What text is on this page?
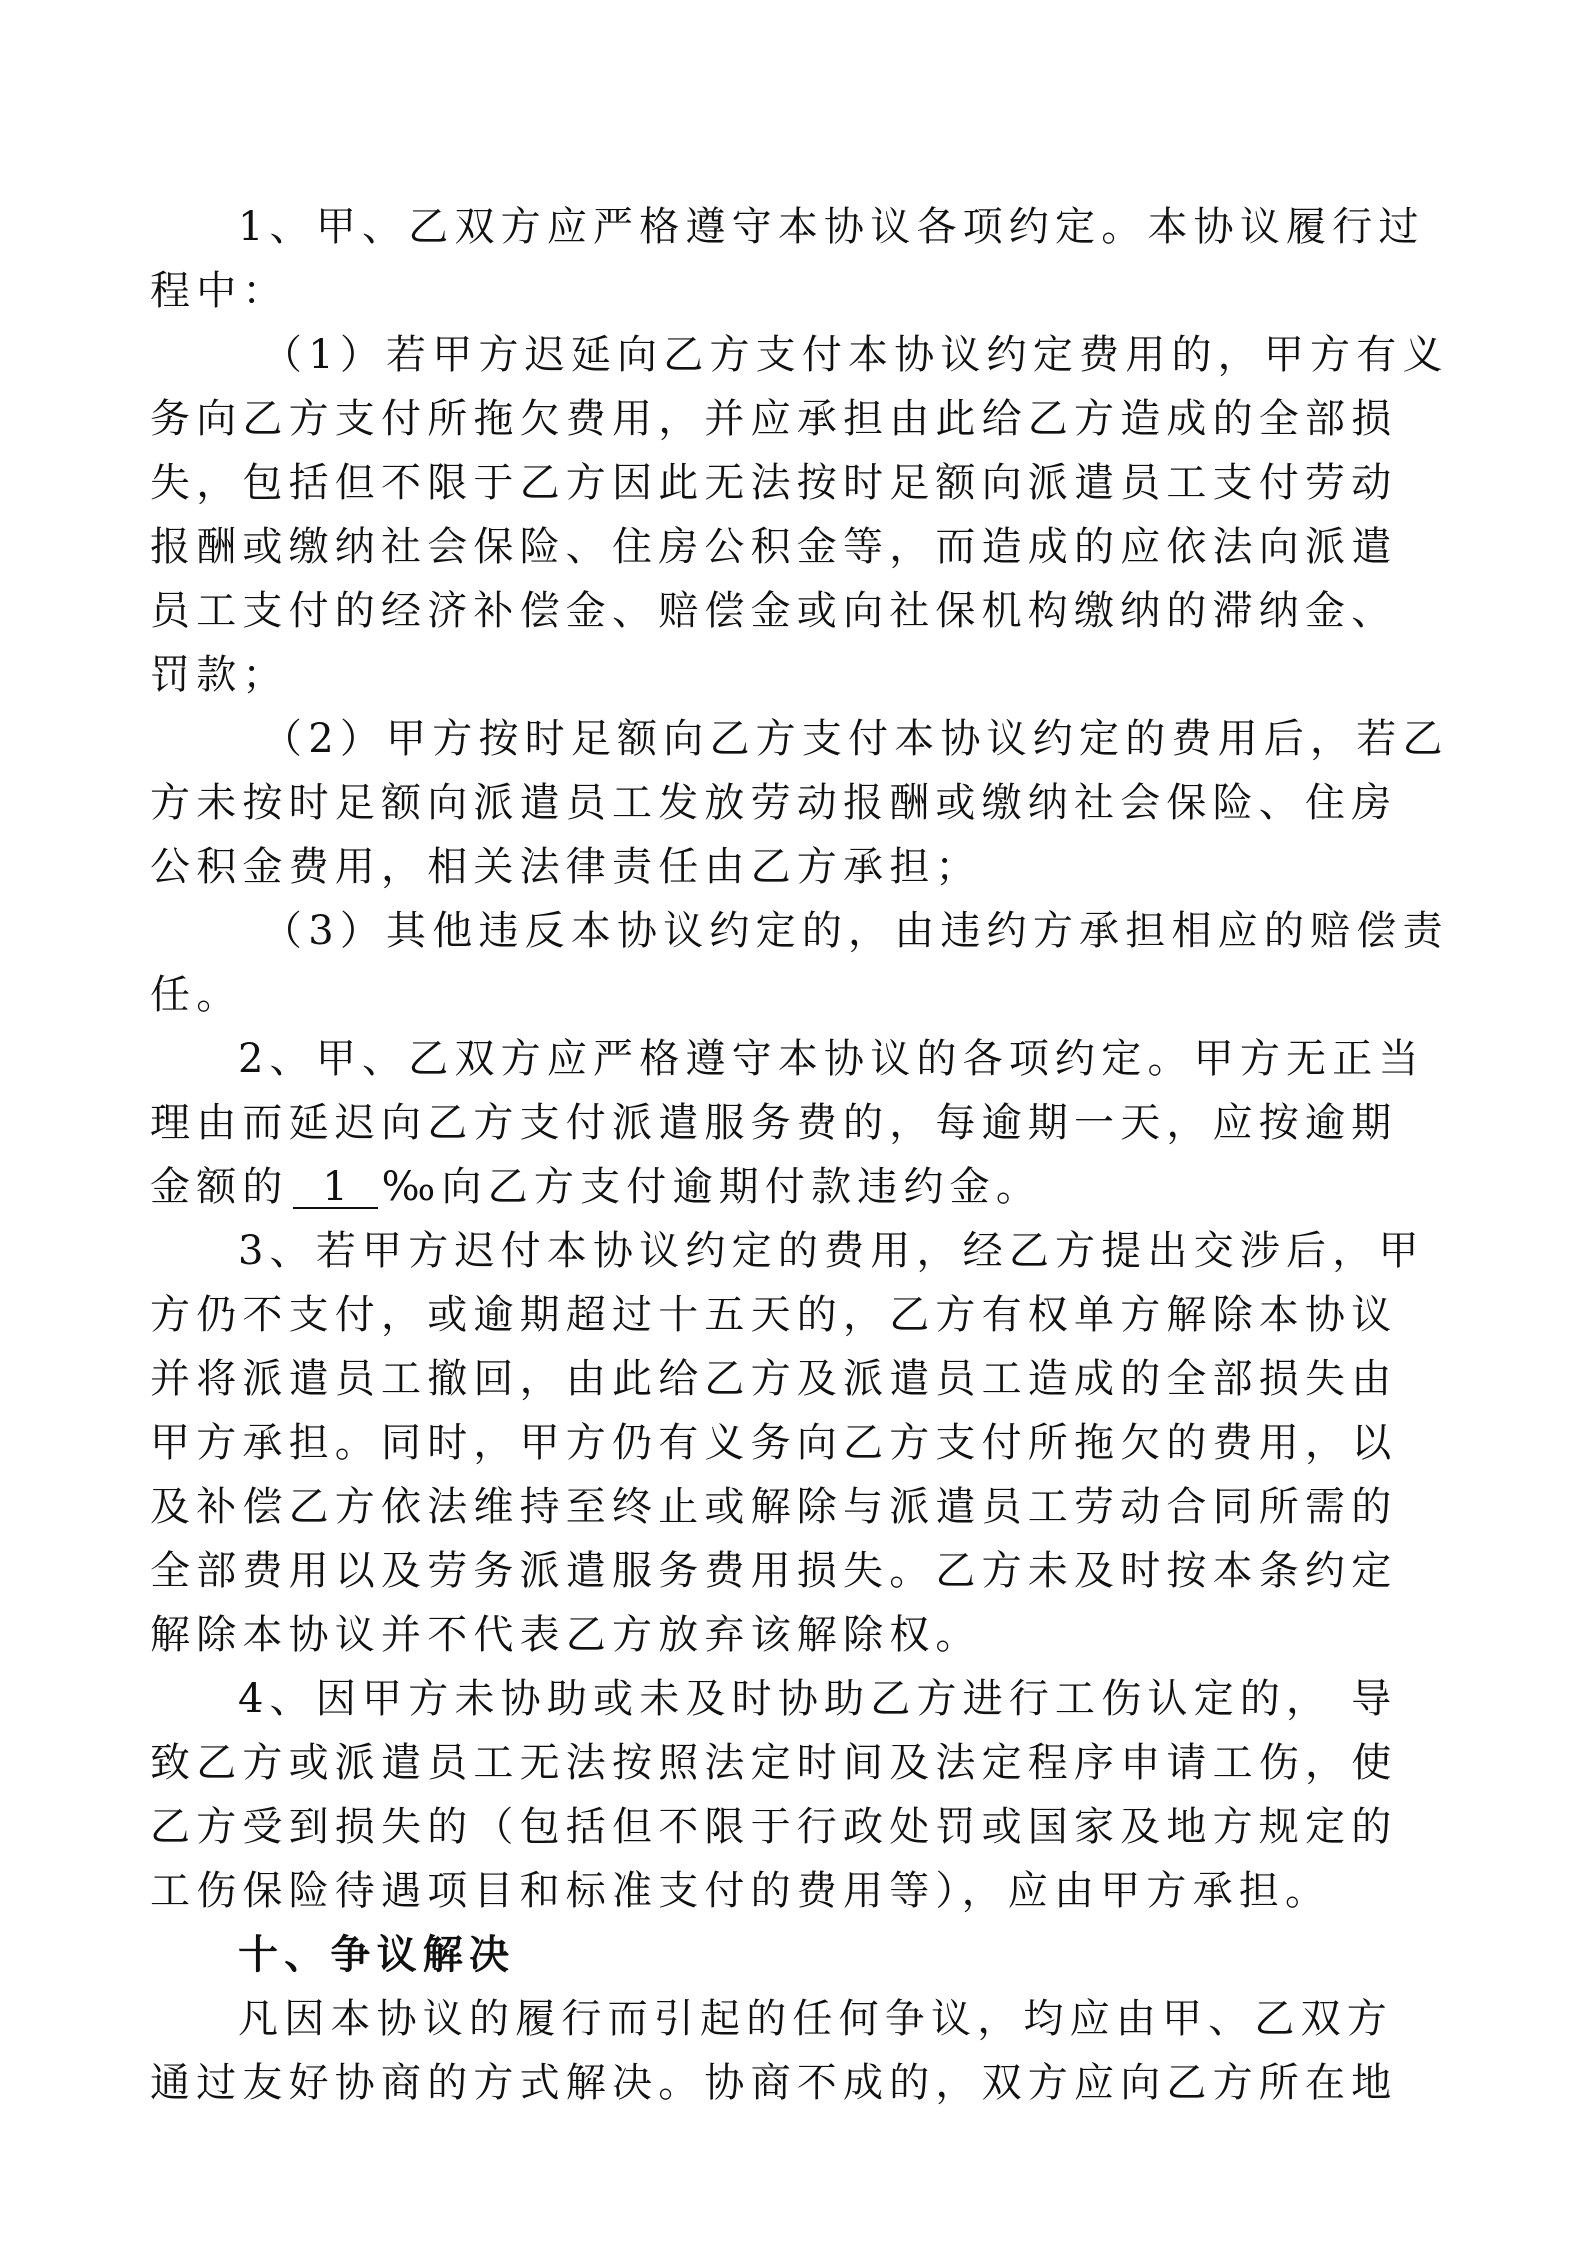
1、甲、乙双方应严格遵守本协议各项约定。本协议履行过
程中：
（1）若甲方迟延向乙方支付本协议约定费用的，甲方有义
务向乙方支付所拖欠费用，并应承担由此给乙方造成的全部损
失，包括但不限于乙方因此无法按时足额向派遣员工支付劳动
报酬或缴纳社会保险、住房公积金等，而造成的应依法向派遣
员工支付的经济补偿金、赔偿金或向社保机构缴纳的滞纳金、
罚款；
（2）甲方按时足额向乙方支付本协议约定的费用后，若乙
方未按时足额向派遣员工发放劳动报酬或缴纳社会保险、住房
公积金费用，相关法律责任由乙方承担；
（3）其他违反本协议约定的，由违约方承担相应的赔偿责
任。
2、甲、乙双方应严格遵守本协议的各项约定。甲方无正当
理由而延迟向乙方支付派遣服务费的，每逾期一天，应按逾期
金额的 1 ‰向乙方支付逾期付款违约金。
3、若甲方迟付本协议约定的费用，经乙方提出交涉后，甲
方仍不支付，或逾期超过十五天的，乙方有权单方解除本协议
并将派遣员工撤回，由此给乙方及派遣员工造成的全部损失由
甲方承担。同时，甲方仍有义务向乙方支付所拖欠的费用，以
及补偿乙方依法维持至终止或解除与派遣员工劳动合同所需的
全部费用以及劳务派遣服务费用损失。乙方未及时按本条约定
解除本协议并不代表乙方放弃该解除权。
4、因甲方未协助或未及时协助乙方进行工伤认定的， 导
致乙方或派遣员工无法按照法定时间及法定程序申请工伤，使
乙方受到损失的（包括但不限于行政处罚或国家及地方规定的
工伤保险待遇项目和标准支付的费用等），应由甲方承担。
十、争议解决
凡因本协议的履行而引起的任何争议，均应由甲、乙双方
通过友好协商的方式解决。协商不成的，双方应向乙方所在地
